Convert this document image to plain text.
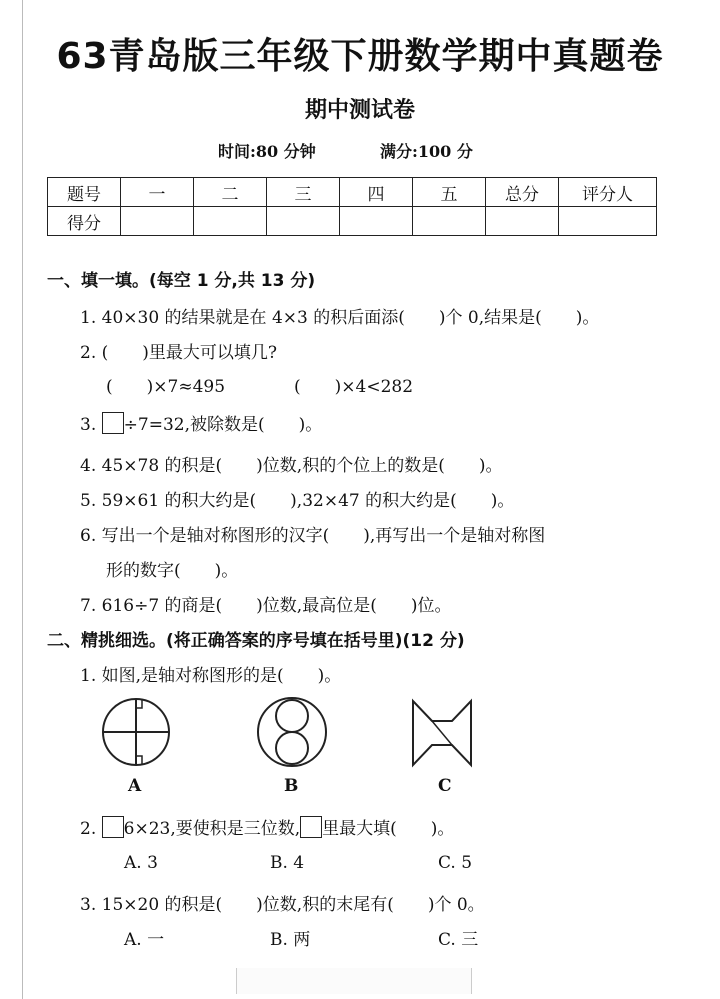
63青岛版三年级下册数学期中真题卷
期中测试卷
时间:80 分钟	满分:100 分
题号	一	二	三	四	五	总分	评分人
得分							
一、填一填。(每空 1 分,共 13 分)
1. 40×30 的结果就是在 4×3 的积后面添(　　)个 0,结果是(　　)。
2. (　　)里最大可以填几?
(　　)×7≈495	(　　)×4<282
3. ÷7=32,被除数是(　　)。
4. 45×78 的积是(　　)位数,积的个位上的数是(　　)。
5. 59×61 的积大约是(　　),32×47 的积大约是(　　)。
6. 写出一个是轴对称图形的汉字(　　),再写出一个是轴对称图
形的数字(　　)。
7. 616÷7 的商是(　　)位数,最高位是(　　)位。
二、精挑细选。(将正确答案的序号填在括号里)(12 分)
1. 如图,是轴对称图形的是(　　)。
A	B	C
2. 6×23,要使积是三位数, 里最大填(　　)。
A. 3	B. 4	C. 5
3. 15×20 的积是(　　)位数,积的末尾有(　　)个 0。
A. 一	B. 两	C. 三
